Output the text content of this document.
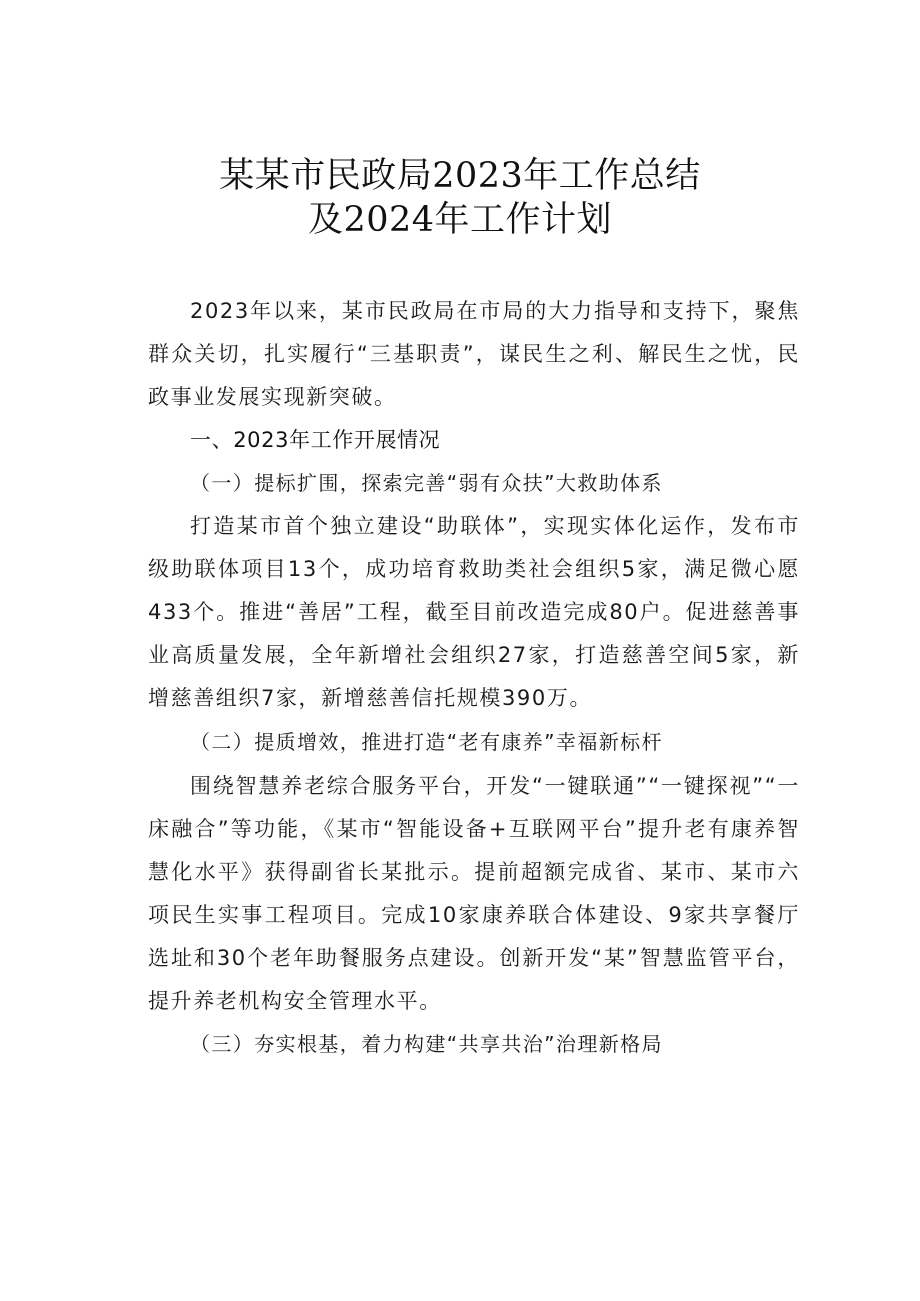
某某市民政局2023年工作总结
及2024年工作计划

2023年以来，某市民政局在市局的大力指导和支持下，聚焦群众关切，扎实履行“三基职责”，谋民生之利、解民生之忧，民政事业发展实现新突破。

一、2023年工作开展情况
（一）提标扩围，探索完善“弱有众扶”大救助体系

打造某市首个独立建设“助联体”，实现实体化运作，发布市级助联体项目13个，成功培育救助类社会组织5家，满足微心愿433个。推进“善居”工程，截至目前改造完成80户。促进慈善事业高质量发展，全年新增社会组织27家，打造慈善空间5家，新增慈善组织7家，新增慈善信托规模390万。

（二）提质增效，推进打造“老有康养”幸福新标杆

围绕智慧养老综合服务平台，开发“一键联通”“一键探视”“一床融合”等功能，《某市“智能设备+互联网平台”提升老有康养智慧化水平》获得副省长某批示。提前超额完成省、某市、某市六项民生实事工程项目。完成10家康养联合体建设、9家共享餐厅选址和30个老年助餐服务点建设。创新开发“某”智慧监管平台，提升养老机构安全管理水平。

（三）夯实根基，着力构建“共享共治”治理新格局
